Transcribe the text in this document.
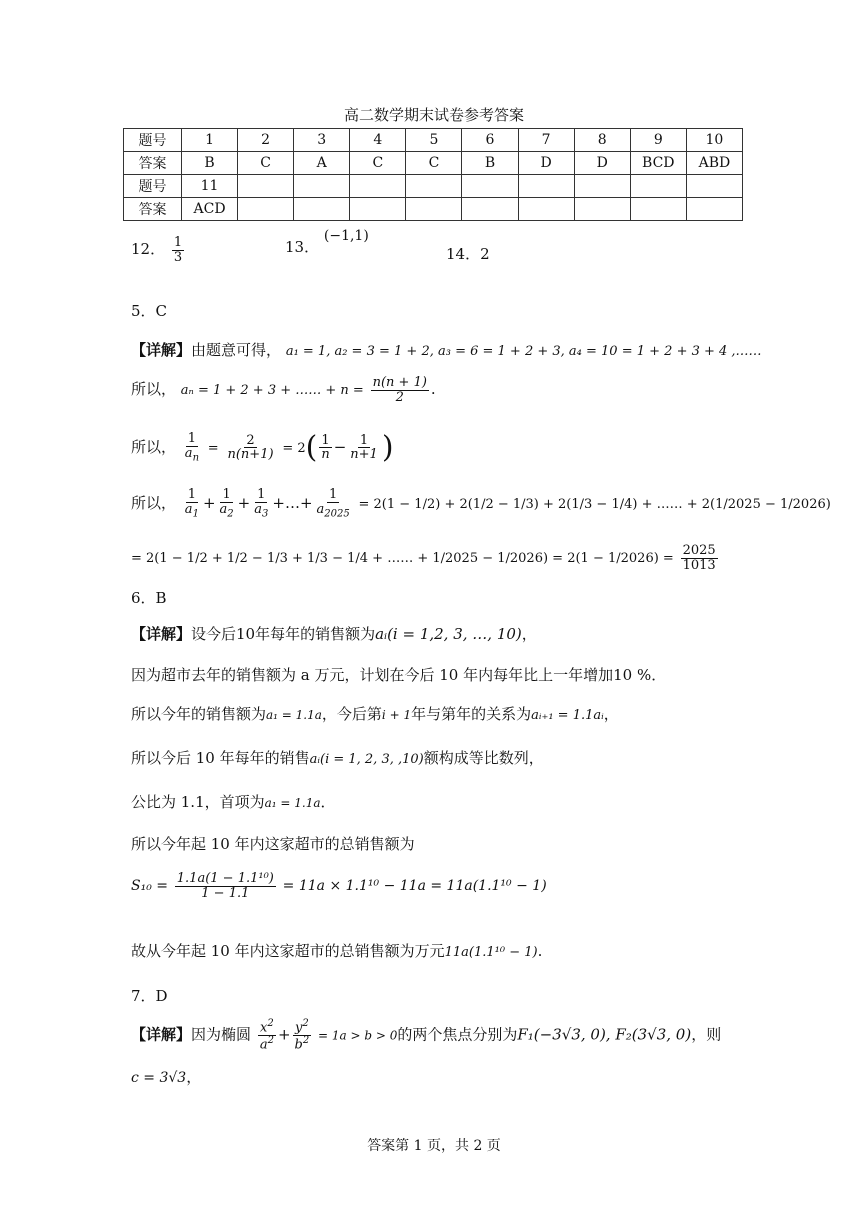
高二数学期末试卷参考答案
题号	1	2	3	4	5	6	7	8	9	10
答案	B	C	A	C	C	B	D	D	BCD	ABD
题号	11									
答案	ACD									
12． $\frac{1}{3}$	13． (−1,1)
14．2
5．C
【详解】由题意可得， a₁ = 1, a₂ = 3 = 1 + 2, a₃ = 6 = 1 + 2 + 3, a₄ = 10 = 1 + 2 + 3 + 4 ,……
所以， aₙ = 1 + 2 + 3 + …… + $n = \frac{n(n + 1)}{2}$ .
所以， $\frac{1}{a_n} = \frac{2}{n(n+1)} = 2( \frac{1}{n} - \frac{1}{n+1}$ )
所以， $\frac{1}{a_1} + \frac{1}{a_2} + \frac{1}{a_3}$ +…+ $\frac{1}{a_{2025}} = 2(1 - 1/2) + 2(1/2 - 1/3) + 2(1/3 - 1/4)$ + …… + 2(1/2025 − 1/2026)
= 2(1 − 1/2 + 1/2 − 1/3 + 1/3 − 1/4 + …… + $1/2025 - 1/2026) = 2(1 - 1/2026) = \frac{2025}{1013}$
6．B
【详解】设今后10年每年的销售额为aᵢ(i = 1,2, 3, …, 10)，
因为超市去年的销售额为 a 万元，计划在今后 10 年内每年比上一年增加10 %．
所以今年的销售额为a₁ = 1.1a，今后第i + 1年与第年的关系为aᵢ₊₁ = 1.1aᵢ，
所以今后 10 年每年的销售aᵢ(i = 1, 2, 3, ,10)额构成等比数列，
公比为 1.1，首项为a₁ = 1.1a．
所以今年起 10 年内这家超市的总销售额为
$S_{10} = \frac{\text{1.1a(1 − 1.1¹⁰)}}{1 - 1.1} = 11a \times 1.1^{10} - 11a = 11a(1.1^{10} - 1)$
故从今年起 10 年内这家超市的总销售额为万元11a(1.1¹⁰ − 1).
7．D
【详解】因为椭圆 $\frac{x^2}{a^2} + \frac{y^2}{b^2} = 1a > b > 0$的两个焦点分别为F₁(−3√3, 0), F₂(3√3, 0)，则
c = 3√3，
答案第 1 页，共 2 页
